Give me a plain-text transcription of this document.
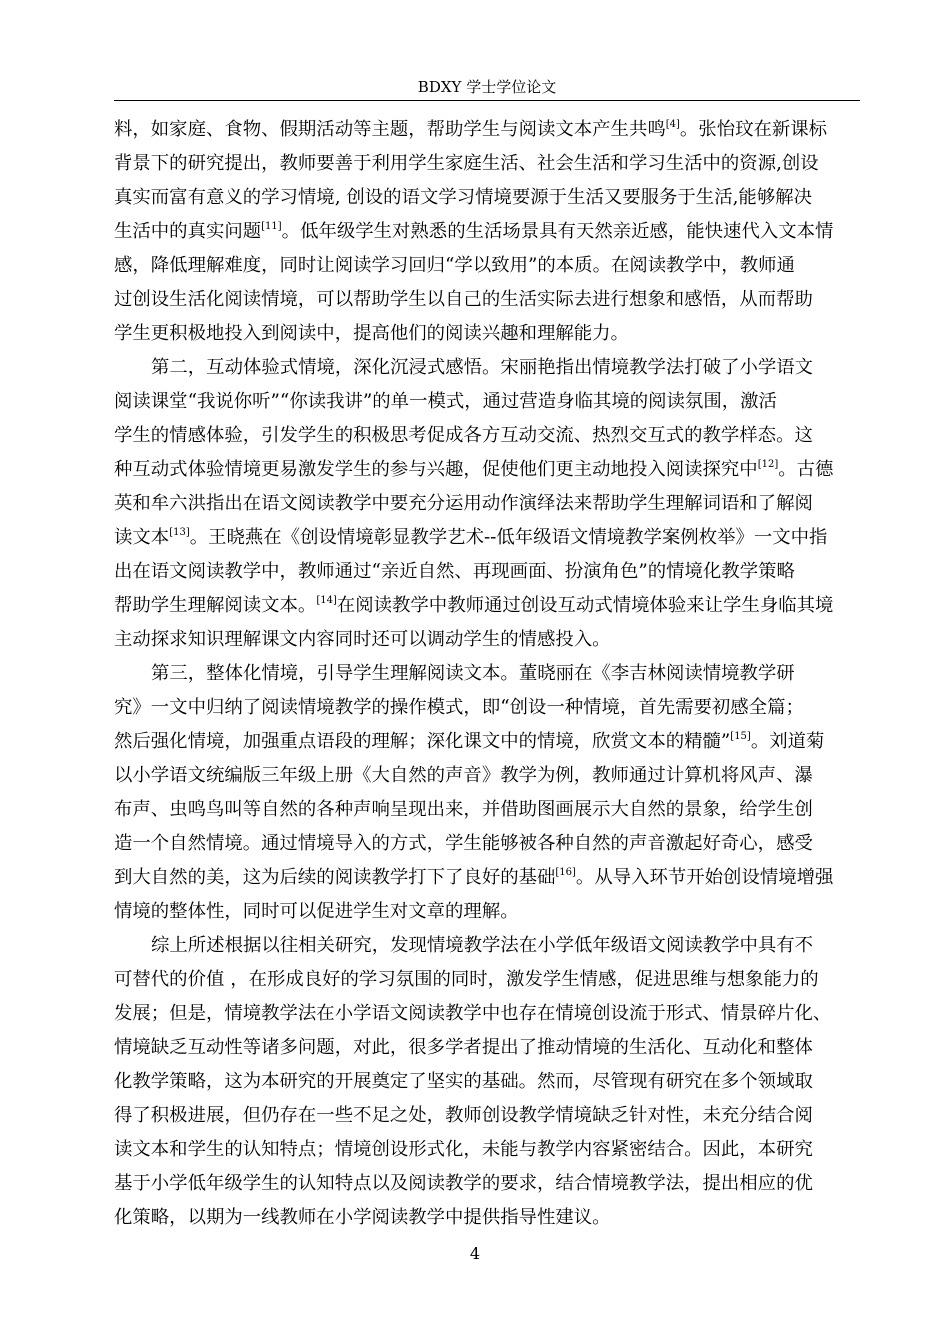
BDXY 学士学位论文
料，如家庭、食物、假期活动等主题，帮助学生与阅读文本产生共鸣[4]。张怡玟在新课标
背景下的研究提出，教师要善于利用学生家庭生活、社会生活和学习生活中的资源,创设
真实而富有意义的学习情境, 创设的语文学习情境要源于生活又要服务于生活,能够解决
生活中的真实问题[11]。低年级学生对熟悉的生活场景具有天然亲近感，能快速代入文本情
感，降低理解难度，同时让阅读学习回归“学以致用”的本质。在阅读教学中，教师通
过创设生活化阅读情境，可以帮助学生以自己的生活实际去进行想象和感悟，从而帮助
学生更积极地投入到阅读中，提高他们的阅读兴趣和理解能力。
第二，互动体验式情境，深化沉浸式感悟。宋丽艳指出情境教学法打破了小学语文
阅读课堂“我说你听”“你读我讲”的单一模式，通过营造身临其境的阅读氛围，激活
学生的情感体验，引发学生的积极思考促成各方互动交流、热烈交互式的教学样态。这
种互动式体验情境更易激发学生的参与兴趣，促使他们更主动地投入阅读探究中[12]。古德
英和牟六洪指出在语文阅读教学中要充分运用动作演绎法来帮助学生理解词语和了解阅
读文本[13]。王晓燕在《创设情境彰显教学艺术--低年级语文情境教学案例枚举》一文中指
出在语文阅读教学中，教师通过“亲近自然、再现画面、扮演角色”的情境化教学策略
帮助学生理解阅读文本。[14]在阅读教学中教师通过创设互动式情境体验来让学生身临其境
主动探求知识理解课文内容同时还可以调动学生的情感投入。
第三，整体化情境，引导学生理解阅读文本。董晓丽在《李吉林阅读情境教学研
究》一文中归纳了阅读情境教学的操作模式，即“创设一种情境，首先需要初感全篇；
然后强化情境，加强重点语段的理解；深化课文中的情境，欣赏文本的精髓”[15]。刘道菊
以小学语文统编版三年级上册《大自然的声音》教学为例，教师通过计算机将风声、瀑
布声、虫鸣鸟叫等自然的各种声响呈现出来，并借助图画展示大自然的景象，给学生创
造一个自然情境。通过情境导入的方式，学生能够被各种自然的声音激起好奇心，感受
到大自然的美，这为后续的阅读教学打下了良好的基础[16]。从导入环节开始创设情境增强
情境的整体性，同时可以促进学生对文章的理解。
综上所述根据以往相关研究，发现情境教学法在小学低年级语文阅读教学中具有不
可替代的价值 ，在形成良好的学习氛围的同时，激发学生情感，促进思维与想象能力的
发展；但是，情境教学法在小学语文阅读教学中也存在情境创设流于形式、情景碎片化、
情境缺乏互动性等诸多问题，对此，很多学者提出了推动情境的生活化、互动化和整体
化教学策略，这为本研究的开展奠定了坚实的基础。然而，尽管现有研究在多个领域取
得了积极进展，但仍存在一些不足之处，教师创设教学情境缺乏针对性，未充分结合阅
读文本和学生的认知特点；情境创设形式化，未能与教学内容紧密结合。因此，本研究
基于小学低年级学生的认知特点以及阅读教学的要求，结合情境教学法，提出相应的优
化策略，以期为一线教师在小学阅读教学中提供指导性建议。
4
